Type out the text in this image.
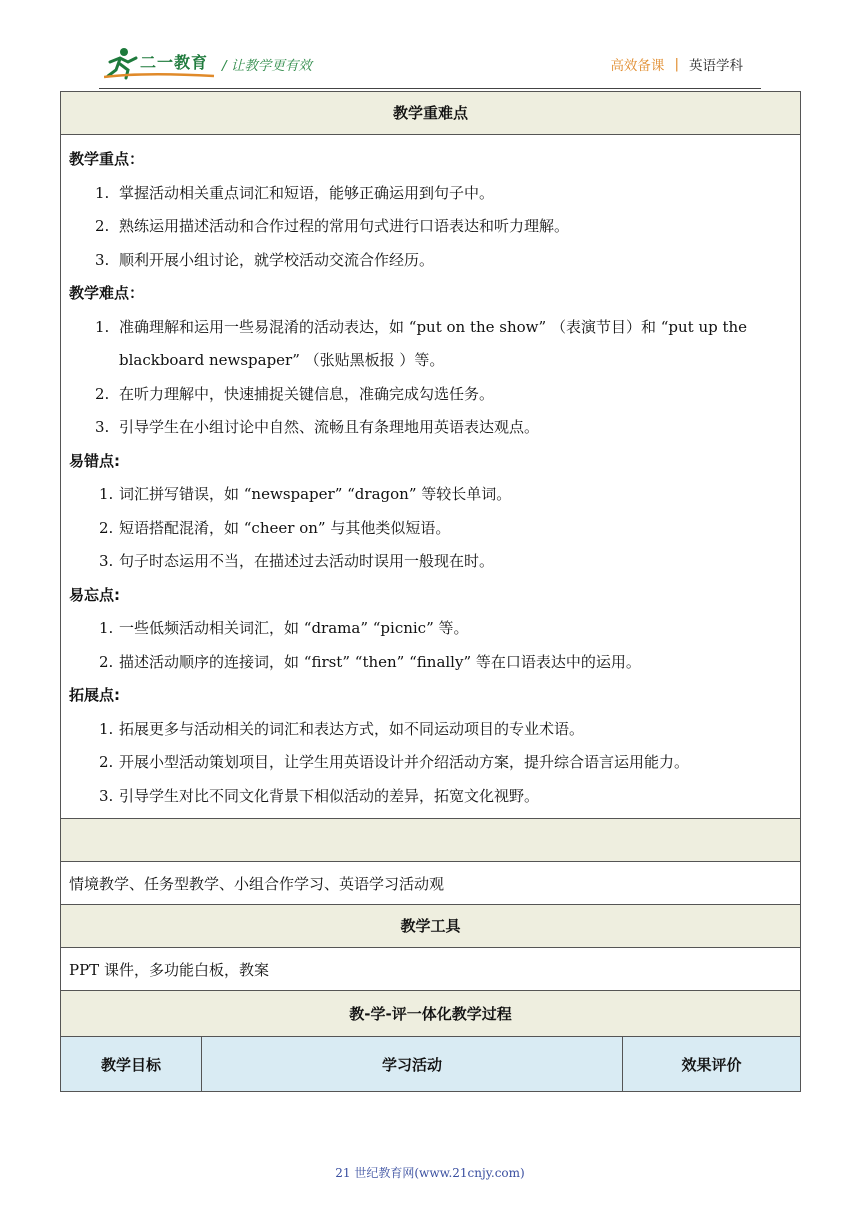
二一教育 / 让教学更有效	高效备课 | 英语学科
教学重难点
教学重点：
1. 掌握活动相关重点词汇和短语，能够正确运用到句子中。
2. 熟练运用描述活动和合作过程的常用句式进行口语表达和听力理解。
3. 顺利开展小组讨论，就学校活动交流合作经历。
教学难点：
1. 准确理解和运用一些易混淆的活动表达，如 “put on the show” （表演节目）和 “put up the blackboard newspaper” （张贴黑板报 ）等。
2. 在听力理解中，快速捕捉关键信息，准确完成勾选任务。
3. 引导学生在小组讨论中自然、流畅且有条理地用英语表达观点。
易错点:
1. 词汇拼写错误，如 “newspaper” “dragon” 等较长单词。
2. 短语搭配混淆，如 “cheer on” 与其他类似短语。
3. 句子时态运用不当，在描述过去活动时误用一般现在时。
易忘点:
1. 一些低频活动相关词汇，如 “drama” “picnic” 等。
2. 描述活动顺序的连接词，如 “first” “then” “finally” 等在口语表达中的运用。
拓展点:
1. 拓展更多与活动相关的词汇和表达方式，如不同运动项目的专业术语。
2. 开展小型活动策划项目，让学生用英语设计并介绍活动方案，提升综合语言运用能力。
3. 引导学生对比不同文化背景下相似活动的差异，拓宽文化视野。
情境教学、任务型教学、小组合作学习、英语学习活动观
教学工具
PPT 课件，多功能白板，教案
教-学-评一体化教学过程
教学目标	学习活动	效果评价
21 世纪教育网(www.21cnjy.com)
